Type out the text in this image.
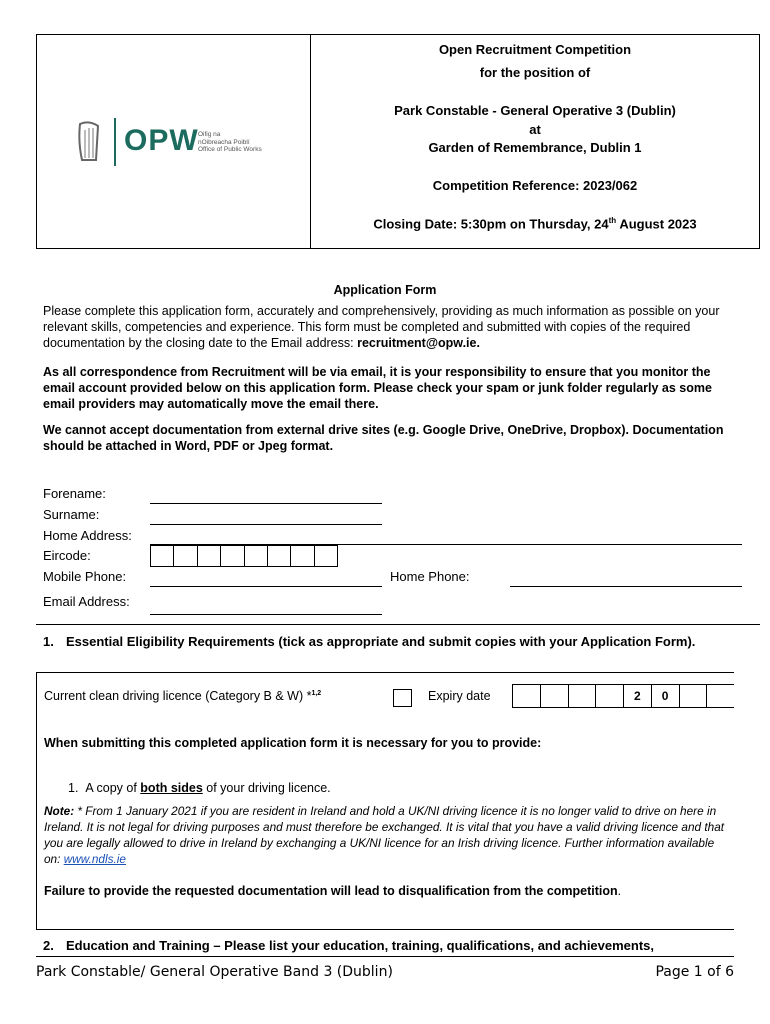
OPW Oifig na
nOibreacha Poiblí
Office of Public Works
Open Recruitment Competition
for the position of
Park Constable - General Operative 3 (Dublin)
at
Garden of Remembrance, Dublin 1
Competition Reference: 2023/062
Closing Date: 5:30pm on Thursday, 24th August 2023
Application Form
Please complete this application form, accurately and comprehensively, providing as much information as possible on your relevant skills, competencies and experience. This form must be completed and submitted with copies of the required documentation by the closing date to the Email address: recruitment@opw.ie.
As all correspondence from Recruitment will be via email, it is your responsibility to ensure that you monitor the email account provided below on this application form. Please check your spam or junk folder regularly as some email providers may automatically move the email there.
We cannot accept documentation from external drive sites (e.g. Google Drive, OneDrive, Dropbox). Documentation should be attached in Word, PDF or Jpeg format.
Forename:
Surname:
Home Address:
Eircode:
Mobile Phone:	Home Phone:
Email Address:
1. Essential Eligibility Requirements (tick as appropriate and submit copies with your Application Form).
Current clean driving licence (Category B & W) *$^{1,2}$	Expiry date	2	0
When submitting this completed application form it is necessary for you to provide:
1. A copy of both sides of your driving licence.
Note: * From 1 January 2021 if you are resident in Ireland and hold a UK/NI driving licence it is no longer valid to drive on here in Ireland. It is not legal for driving purposes and must therefore be exchanged. It is vital that you have a valid driving licence and that you are legally allowed to drive in Ireland by exchanging a UK/NI licence for an Irish driving licence. Further information available on: www.ndls.ie
Failure to provide the requested documentation will lead to disqualification from the competition.
2. Education and Training – Please list your education, training, qualifications, and achievements,
Park Constable/ General Operative Band 3 (Dublin)	Page 1 of 6
